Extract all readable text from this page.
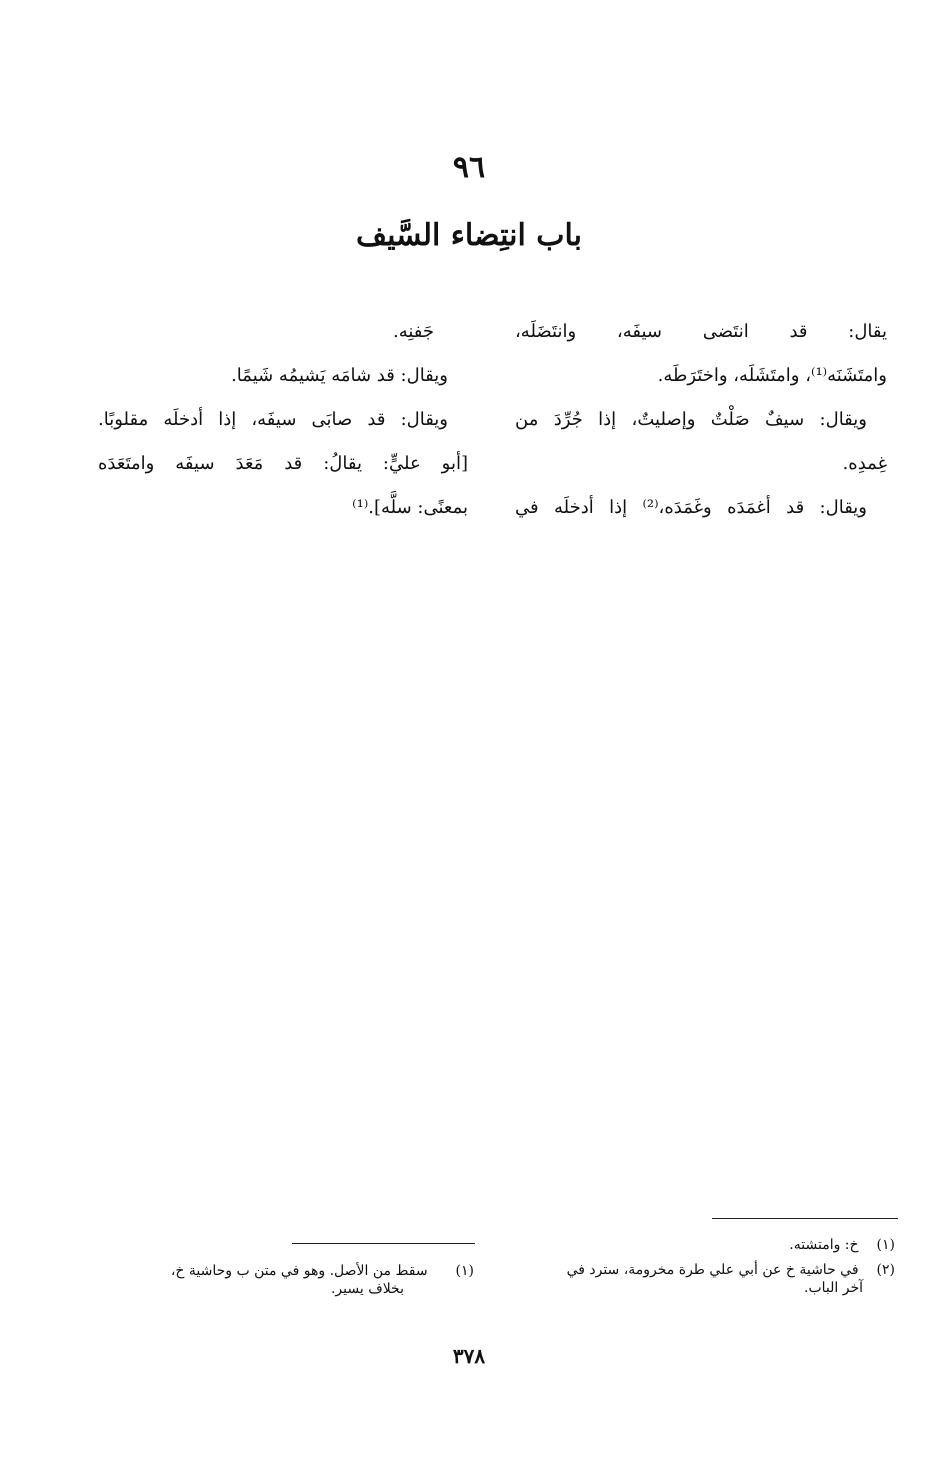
٩٦
باب انتِضاء السَّيف
يقال: قد انتَضى سيفَه، وانتَضَلَه،
وامتَشَنَه⁽¹⁾، وامتَشَلَه، واختَرَطَه.
ويقال: سيفٌ صَلْتٌ وإصليتٌ، إذا جُرِّدَ من
غِمدِه.
ويقال: قد أغمَدَه وغَمَدَه،⁽²⁾ إذا أدخلَه في
جَفنِه.
ويقال: قد شامَه يَشيمُه شَيمًا.
ويقال: قد صابَى سيفَه، إذا أدخلَه مقلوبًا.
[أبو عليٍّ: يقالُ: قد مَعَدَ سيفَه وامتَعَدَه
بمعنًى: سلَّه].⁽¹⁾
(١) خ: وامتشته.
(٢) في حاشية خ عن أبي علي طرة مخرومة، سترد في
آخر الباب.
(١) سقط من الأصل. وهو في متن ب وحاشية خ،
بخلاف يسير.
٣٧٨
